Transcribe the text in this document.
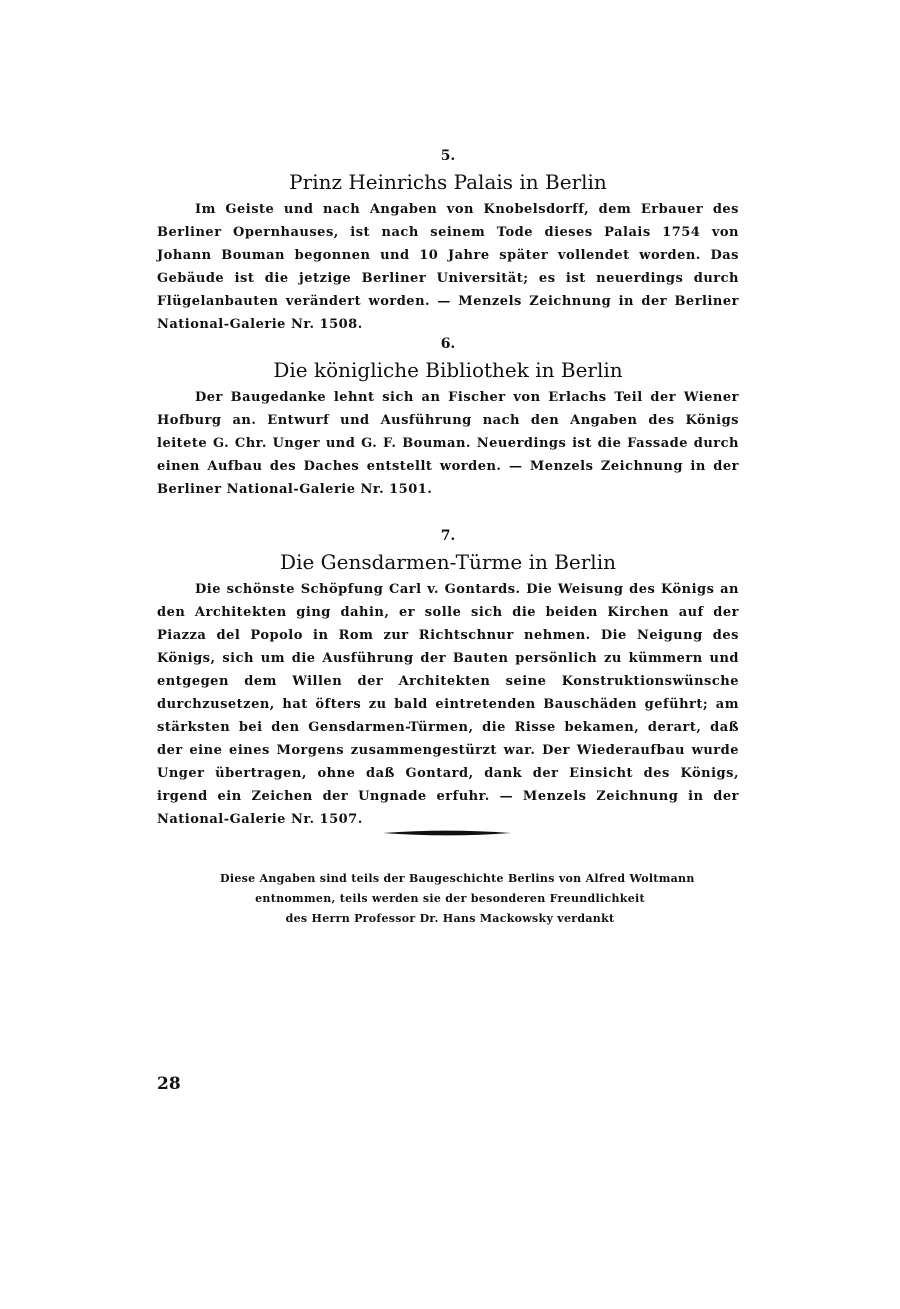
5.

Prinz Heinrichs Palais in Berlin

Im Geiste und nach Angaben von Knobelsdorff, dem Erbauer des Berliner Opernhauses, ist nach seinem Tode dieses Palais 1754 von Johann Bouman begonnen und 10 Jahre später vollendet worden. Das Gebäude ist die jetzige Berliner Universität; es ist neuerdings durch Flügelanbauten verändert worden. — Menzels Zeichnung in der Berliner National-Galerie Nr. 1508.

6.

Die königliche Bibliothek in Berlin

Der Baugedanke lehnt sich an Fischer von Erlachs Teil der Wiener Hofburg an. Entwurf und Ausführung nach den Angaben des Königs leitete G. Chr. Unger und G. F. Bouman. Neuerdings ist die Fassade durch einen Aufbau des Daches entstellt worden. — Menzels Zeichnung in der Berliner National-Galerie Nr. 1501.

7.

Die Gensdarmen-Türme in Berlin

Die schönste Schöpfung Carl v. Gontards. Die Weisung des Königs an den Architekten ging dahin, er solle sich die beiden Kirchen auf der Piazza del Popolo in Rom zur Richtschnur nehmen. Die Neigung des Königs, sich um die Ausführung der Bauten persönlich zu kümmern und entgegen dem Willen der Architekten seine Konstruktionswünsche durchzusetzen, hat öfters zu bald eintretenden Bauschäden geführt; am stärksten bei den Gensdarmen-Türmen, die Risse bekamen, derart, daß der eine eines Morgens zusammengestürzt war. Der Wiederaufbau wurde Unger übertragen, ohne daß Gontard, dank der Einsicht des Königs, irgend ein Zeichen der Ungnade erfuhr. — Menzels Zeichnung in der National-Galerie Nr. 1507.

Diese Angaben sind teils der Baugeschichte Berlins von Alfred Woltmann
entnommen, teils werden sie der besonderen Freundlichkeit
des Herrn Professor Dr. Hans Mackowsky verdankt
28
